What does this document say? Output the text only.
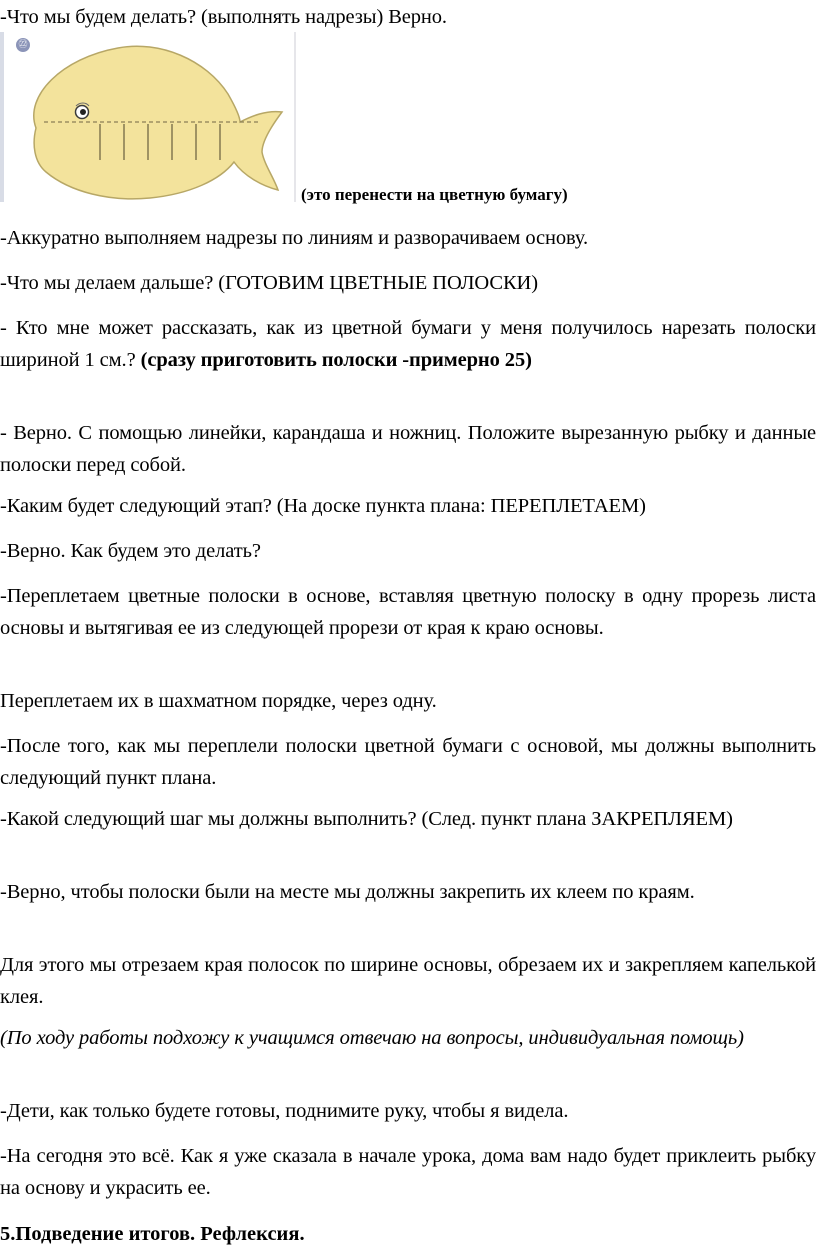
-Что мы будем делать? (выполнять надрезы) Верно.

㉒

(это перенести на цветную бумагу)

-Аккуратно выполняем надрезы по линиям и разворачиваем основу.

-Что мы делаем дальше? (ГОТОВИМ ЦВЕТНЫЕ ПОЛОСКИ)

- Кто мне может рассказать, как из цветной бумаги у меня получилось нарезать полоски шириной 1 см.? (сразу приготовить полоски -примерно 25)

- Верно. С помощью линейки, карандаша и ножниц. Положите вырезанную рыбку и данные полоски перед собой.

-Каким будет следующий этап? (На доске пункта плана: ПЕРЕПЛЕТАЕМ)

-Верно. Как будем это делать?

-Переплетаем цветные полоски в основе, вставляя цветную полоску в одну прорезь листа основы и вытягивая ее из следующей прорези от края к краю основы.

Переплетаем их в шахматном порядке, через одну.

-После того, как мы переплели полоски цветной бумаги с основой, мы должны выполнить следующий пункт плана.

-Какой следующий шаг мы должны выполнить? (След. пункт плана ЗАКРЕПЛЯЕМ)

-Верно, чтобы полоски были на месте мы должны закрепить их клеем по краям.

Для этого мы отрезаем края полосок по ширине основы, обрезаем их и закрепляем капелькой клея.

(По ходу работы подхожу к учащимся отвечаю на вопросы, индивидуальная помощь)

-Дети, как только будете готовы, поднимите руку, чтобы я видела.

-На сегодня это всё. Как я уже сказала в начале урока, дома вам надо будет приклеить рыбку на основу и украсить ее.

5.Подведение итогов. Рефлексия.
